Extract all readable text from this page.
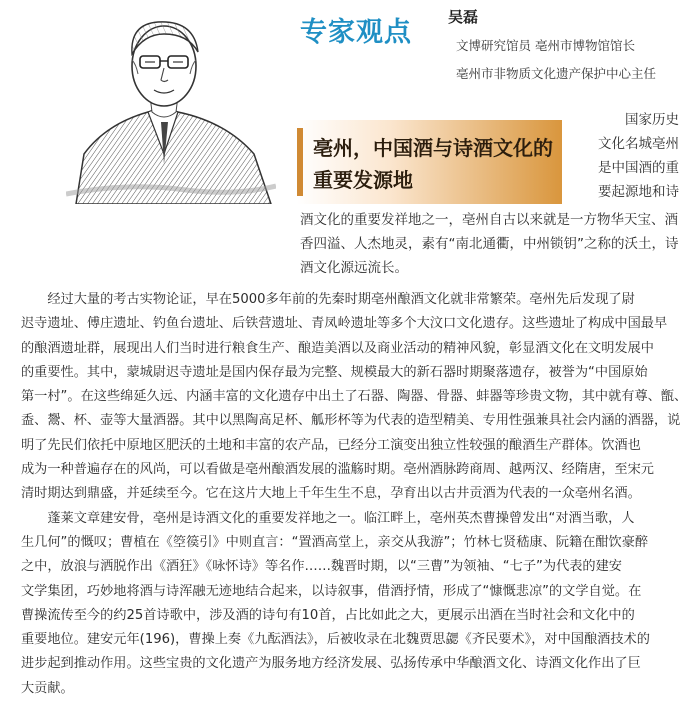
专家观点 吴磊
文博研究馆员 亳州市博物馆馆长
亳州市非物质文化遗产保护中心主任
亳州，中国酒与诗酒文化的
重要发源地
国家历史
文化名城亳州
是中国酒的重
要起源地和诗
酒文化的重要发祥地之一，亳州自古以来就是一方物华天宝、酒
香四溢、人杰地灵，素有“南北通衢，中州锁钥”之称的沃土，诗
酒文化源远流长。
　　经过大量的考古实物论证，早在5000多年前的先秦时期亳州酿酒文化就非常繁荣。亳州先后发现了尉
迟寺遗址、傅庄遗址、钓鱼台遗址、后铁营遗址、青凤岭遗址等多个大汶口文化遗存。这些遗址了构成中国最早
的酿酒遗址群，展现出人们当时进行粮食生产、酿造美酒以及商业活动的精神风貌，彰显酒文化在文明发展中
的重要性。其中，蒙城尉迟寺遗址是国内保存最为完整、规模最大的新石器时期聚落遗存，被誉为“中国原始
第一村”。在这些绵延久远、内涵丰富的文化遗存中出土了石器、陶器、骨器、蚌器等珍贵文物，其中就有尊、甑、
盉、鬶、杯、壶等大量酒器。其中以黑陶高足杯、觚形杯等为代表的造型精美、专用性强兼具社会内涵的酒器，说
明了先民们依托中原地区肥沃的土地和丰富的农产品，已经分工演变出独立性较强的酿酒生产群体。饮酒也
成为一种普遍存在的风尚，可以看做是亳州酿酒发展的滥觞时期。亳州酒脉跨商周、越两汉、经隋唐，至宋元
清时期达到鼎盛，并延续至今。它在这片大地上千年生生不息，孕育出以古井贡酒为代表的一众亳州名酒。
　　蓬莱文章建安骨，亳州是诗酒文化的重要发祥地之一。临江畔上，亳州英杰曹操曾发出“对酒当歌，人
生几何”的慨叹；曹植在《箜篌引》中则直言：“置酒高堂上，亲交从我游”；竹林七贤嵇康、阮籍在酣饮豪醉
之中，放浪与洒脱作出《酒狂》《咏怀诗》等名作……魏晋时期，以“三曹”为领袖、“七子”为代表的建安
文学集团，巧妙地将酒与诗浑融无迹地结合起来，以诗叙事，借酒抒情，形成了“慷慨悲凉”的文学自觉。在
曹操流传至今的约25首诗歌中，涉及酒的诗句有10首，占比如此之大，更展示出酒在当时社会和文化中的
重要地位。建安元年(196)，曹操上奏《九酝酒法》，后被收录在北魏贾思勰《齐民要术》，对中国酿酒技术的
进步起到推动作用。这些宝贵的文化遗产为服务地方经济发展、弘扬传承中华酿酒文化、诗酒文化作出了巨
大贡献。
